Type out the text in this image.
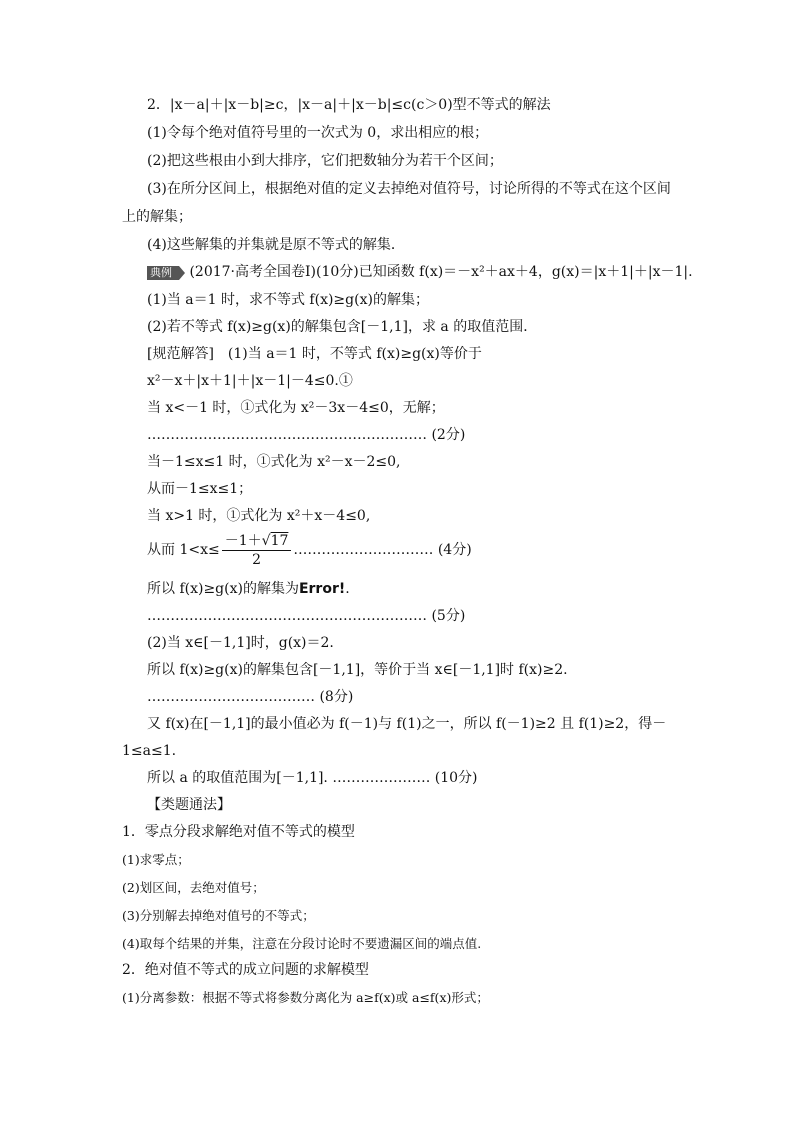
2．|x－a|＋|x－b|≥c，|x－a|＋|x－b|≤c(c＞0)型不等式的解法
(1)令每个绝对值符号里的一次式为 0，求出相应的根；
(2)把这些根由小到大排序，它们把数轴分为若干个区间；
(3)在所分区间上，根据绝对值的定义去掉绝对值符号，讨论所得的不等式在这个区间
上的解集；
(4)这些解集的并集就是原不等式的解集．
典例 (2017·高考全国卷Ⅰ)(10分)已知函数 f(x)＝－x²＋ax＋4，g(x)＝|x＋1|＋|x－1|.
(1)当 a＝1 时，求不等式 f(x)≥g(x)的解集；
(2)若不等式 f(x)≥g(x)的解集包含[－1,1]，求 a 的取值范围．
[规范解答]　(1)当 a＝1 时，不等式 f(x)≥g(x)等价于
x²－x＋|x＋1|＋|x－1|－4≤0.①
当 x<－1 时，①式化为 x²－3x－4≤0，无解；
…………………………………………………… (2分)
当－1≤x≤1 时，①式化为 x²－x－2≤0,
从而－1≤x≤1；
当 x>1 时，①式化为 x²＋x－4≤0,
从而 $1<x\le \frac{-1+√17}{2}$ ………………………… (4分)
所以 f(x)≥g(x)的解集为Error!.
…………………………………………………… (5分)
(2)当 x∈[－1,1]时，g(x)＝2.
所以 f(x)≥g(x)的解集包含[－1,1]，等价于当 x∈[－1,1]时 f(x)≥2.
……………………………… (8分)
又 f(x)在[－1,1]的最小值必为 f(－1)与 f(1)之一，所以 f(－1)≥2 且 f(1)≥2，得－
1≤a≤1.
所以 a 的取值范围为[－1,1]. ………………… (10分)
【类题通法】
1．零点分段求解绝对值不等式的模型
(1)求零点；
(2)划区间，去绝对值号；
(3)分别解去掉绝对值号的不等式；
(4)取每个结果的并集，注意在分段讨论时不要遗漏区间的端点值.
2．绝对值不等式的成立问题的求解模型
(1)分离参数：根据不等式将参数分离化为 a≥f(x)或 a≤f(x)形式；
